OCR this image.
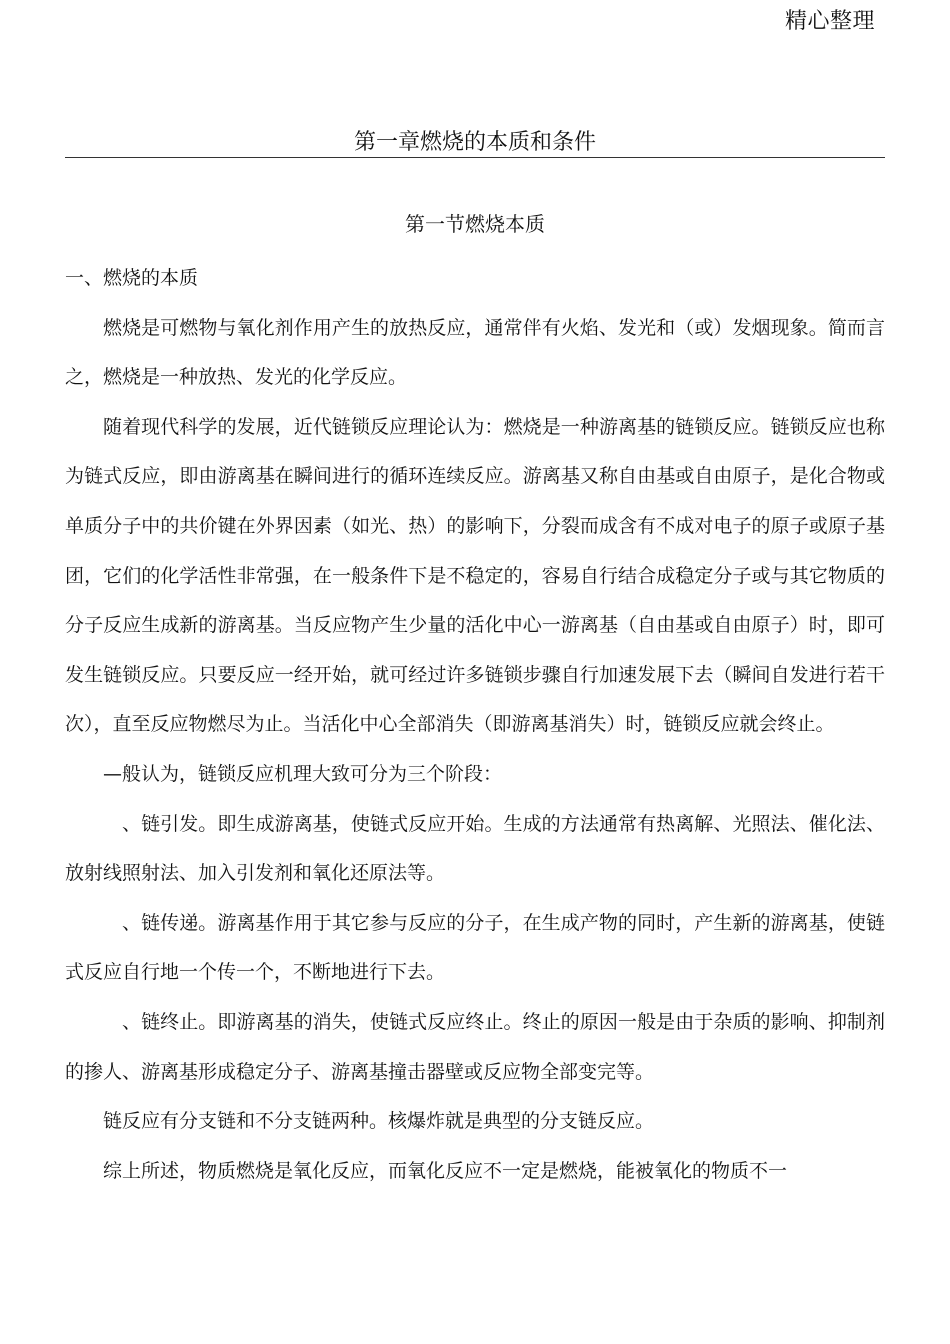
精心整理
第一章燃烧的本质和条件
第一节燃烧本质

一、燃烧的本质

燃烧是可燃物与氧化剂作用产生的放热反应，通常伴有火焰、发光和（或）发烟现象。简而言之，燃烧是一种放热、发光的化学反应。

随着现代科学的发展，近代链锁反应理论认为：燃烧是一种游离基的链锁反应。链锁反应也称为链式反应，即由游离基在瞬间进行的循环连续反应。游离基又称自由基或自由原子，是化合物或单质分子中的共价键在外界因素（如光、热）的影响下，分裂而成含有不成对电子的原子或原子基团，它们的化学活性非常强，在一般条件下是不稳定的，容易自行结合成稳定分子或与其它物质的分子反应生成新的游离基。当反应物产生少量的活化中心一游离基（自由基或自由原子）时，即可发生链锁反应。只要反应一经开始，就可经过许多链锁步骤自行加速发展下去（瞬间自发进行若干次），直至反应物燃尽为止。当活化中心全部消失（即游离基消失）时，链锁反应就会终止。

—般认为，链锁反应机理大致可分为三个阶段：

、链引发。即生成游离基，使链式反应开始。生成的方法通常有热离解、光照法、催化法、放射线照射法、加入引发剂和氧化还原法等。

、链传递。游离基作用于其它参与反应的分子，在生成产物的同时，产生新的游离基，使链式反应自行地一个传一个，不断地进行下去。

、链终止。即游离基的消失，使链式反应终止。终止的原因一般是由于杂质的影响、抑制剂的掺人、游离基形成稳定分子、游离基撞击器壁或反应物全部变完等。

链反应有分支链和不分支链两种。核爆炸就是典型的分支链反应。

综上所述，物质燃烧是氧化反应，而氧化反应不一定是燃烧，能被氧化的物质不一
